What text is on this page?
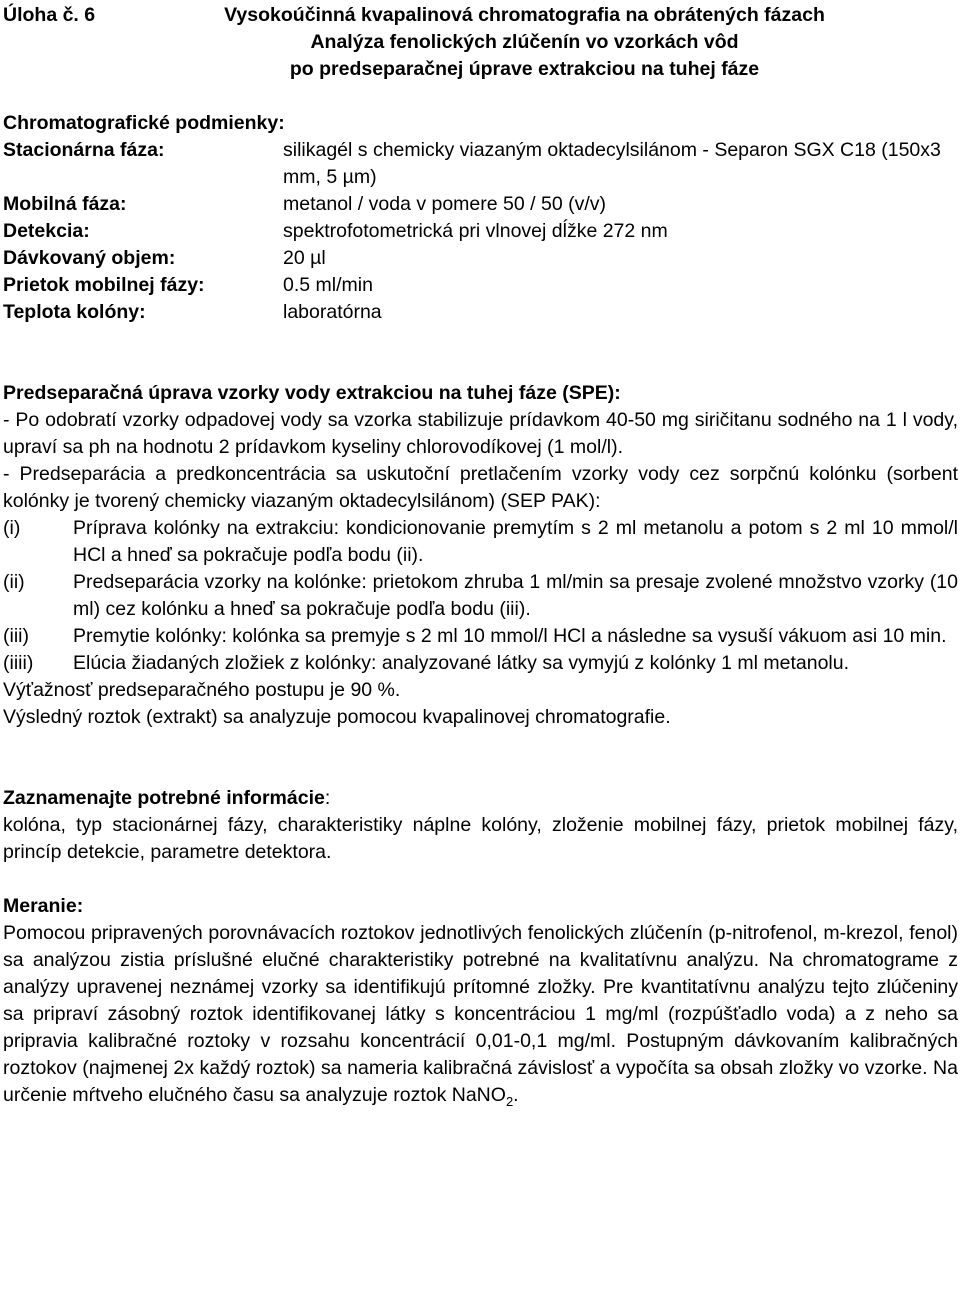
Úloha č. 6	Vysokoúčinná kvapalinová chromatografia na obrátených fázach
Analýza fenolických zlúčenín vo vzorkách vôd
po predseparačnej úprave extrakciou na tuhej fáze
Chromatografické podmienky:
Stacionárna fáza:	silikagél s chemicky viazaným oktadecylsilánom - Separon SGX C18 (150x3 mm, 5 µm)
Mobilná fáza:	metanol / voda v pomere 50 / 50 (v/v)
Detekcia:	spektrofotometrická pri vlnovej dĺžke 272 nm
Dávkovaný objem:	20 µl
Prietok mobilnej fázy:	0.5 ml/min
Teplota kolóny:	laboratórna
Predseparačná úprava vzorky vody extrakciou na tuhej fáze (SPE):
- Po odobratí vzorky odpadovej vody sa vzorka stabilizuje prídavkom 40-50 mg siričitanu sodného na 1 l vody, upraví sa ph na hodnotu 2 prídavkom kyseliny chlorovodíkovej (1 mol/l).
- Predseparácia a predkoncentrácia sa uskutoční pretlačením vzorky vody cez sorpčnú kolónku (sorbent kolónky je tvorený chemicky viazaným oktadecylsilánom) (SEP PAK):
(i)	Príprava kolónky na extrakciu: kondicionovanie premytím s 2 ml metanolu a potom s 2 ml 10 mmol/l HCl a hneď sa pokračuje podľa bodu (ii).
(ii)	Predseparácia vzorky na kolónke: prietokom zhruba 1 ml/min sa presaje zvolené množstvo vzorky (10 ml) cez kolónku a hneď sa pokračuje podľa bodu (iii).
(iii)	Premytie kolónky: kolónka sa premyje s 2 ml 10 mmol/l HCl a následne sa vysuší vákuom asi 10 min.
(iiii)	Elúcia žiadaných zložiek z kolónky: analyzované látky sa vymyjú z kolónky 1 ml metanolu.
Výťažnosť predseparačného postupu je 90 %.
Výsledný roztok (extrakt) sa analyzuje pomocou kvapalinovej chromatografie.
Zaznamenajte potrebné informácie:
kolóna, typ stacionárnej fázy, charakteristiky náplne kolóny, zloženie mobilnej fázy, prietok mobilnej fázy, princíp detekcie, parametre detektora.
Meranie:
Pomocou pripravených porovnávacích roztokov jednotlivých fenolických zlúčenín (p-nitrofenol, m-krezol, fenol) sa analýzou zistia príslušné elučné charakteristiky potrebné na kvalitatívnu analýzu. Na chromatograme z analýzy upravenej neznámej vzorky sa identifikujú prítomné zložky. Pre kvantitatívnu analýzu tejto zlúčeniny sa pripraví zásobný roztok identifikovanej látky s koncentráciou 1 mg/ml (rozpúšťadlo voda) a z neho sa pripravia kalibračné roztoky v rozsahu koncentrácií 0,01-0,1 mg/ml. Postupným dávkovaním kalibračných roztokov (najmenej 2x každý roztok) sa nameria kalibračná závislosť a vypočíta sa obsah zložky vo vzorke. Na určenie mŕtveho elučného času sa analyzuje roztok NaNO$_2$.
